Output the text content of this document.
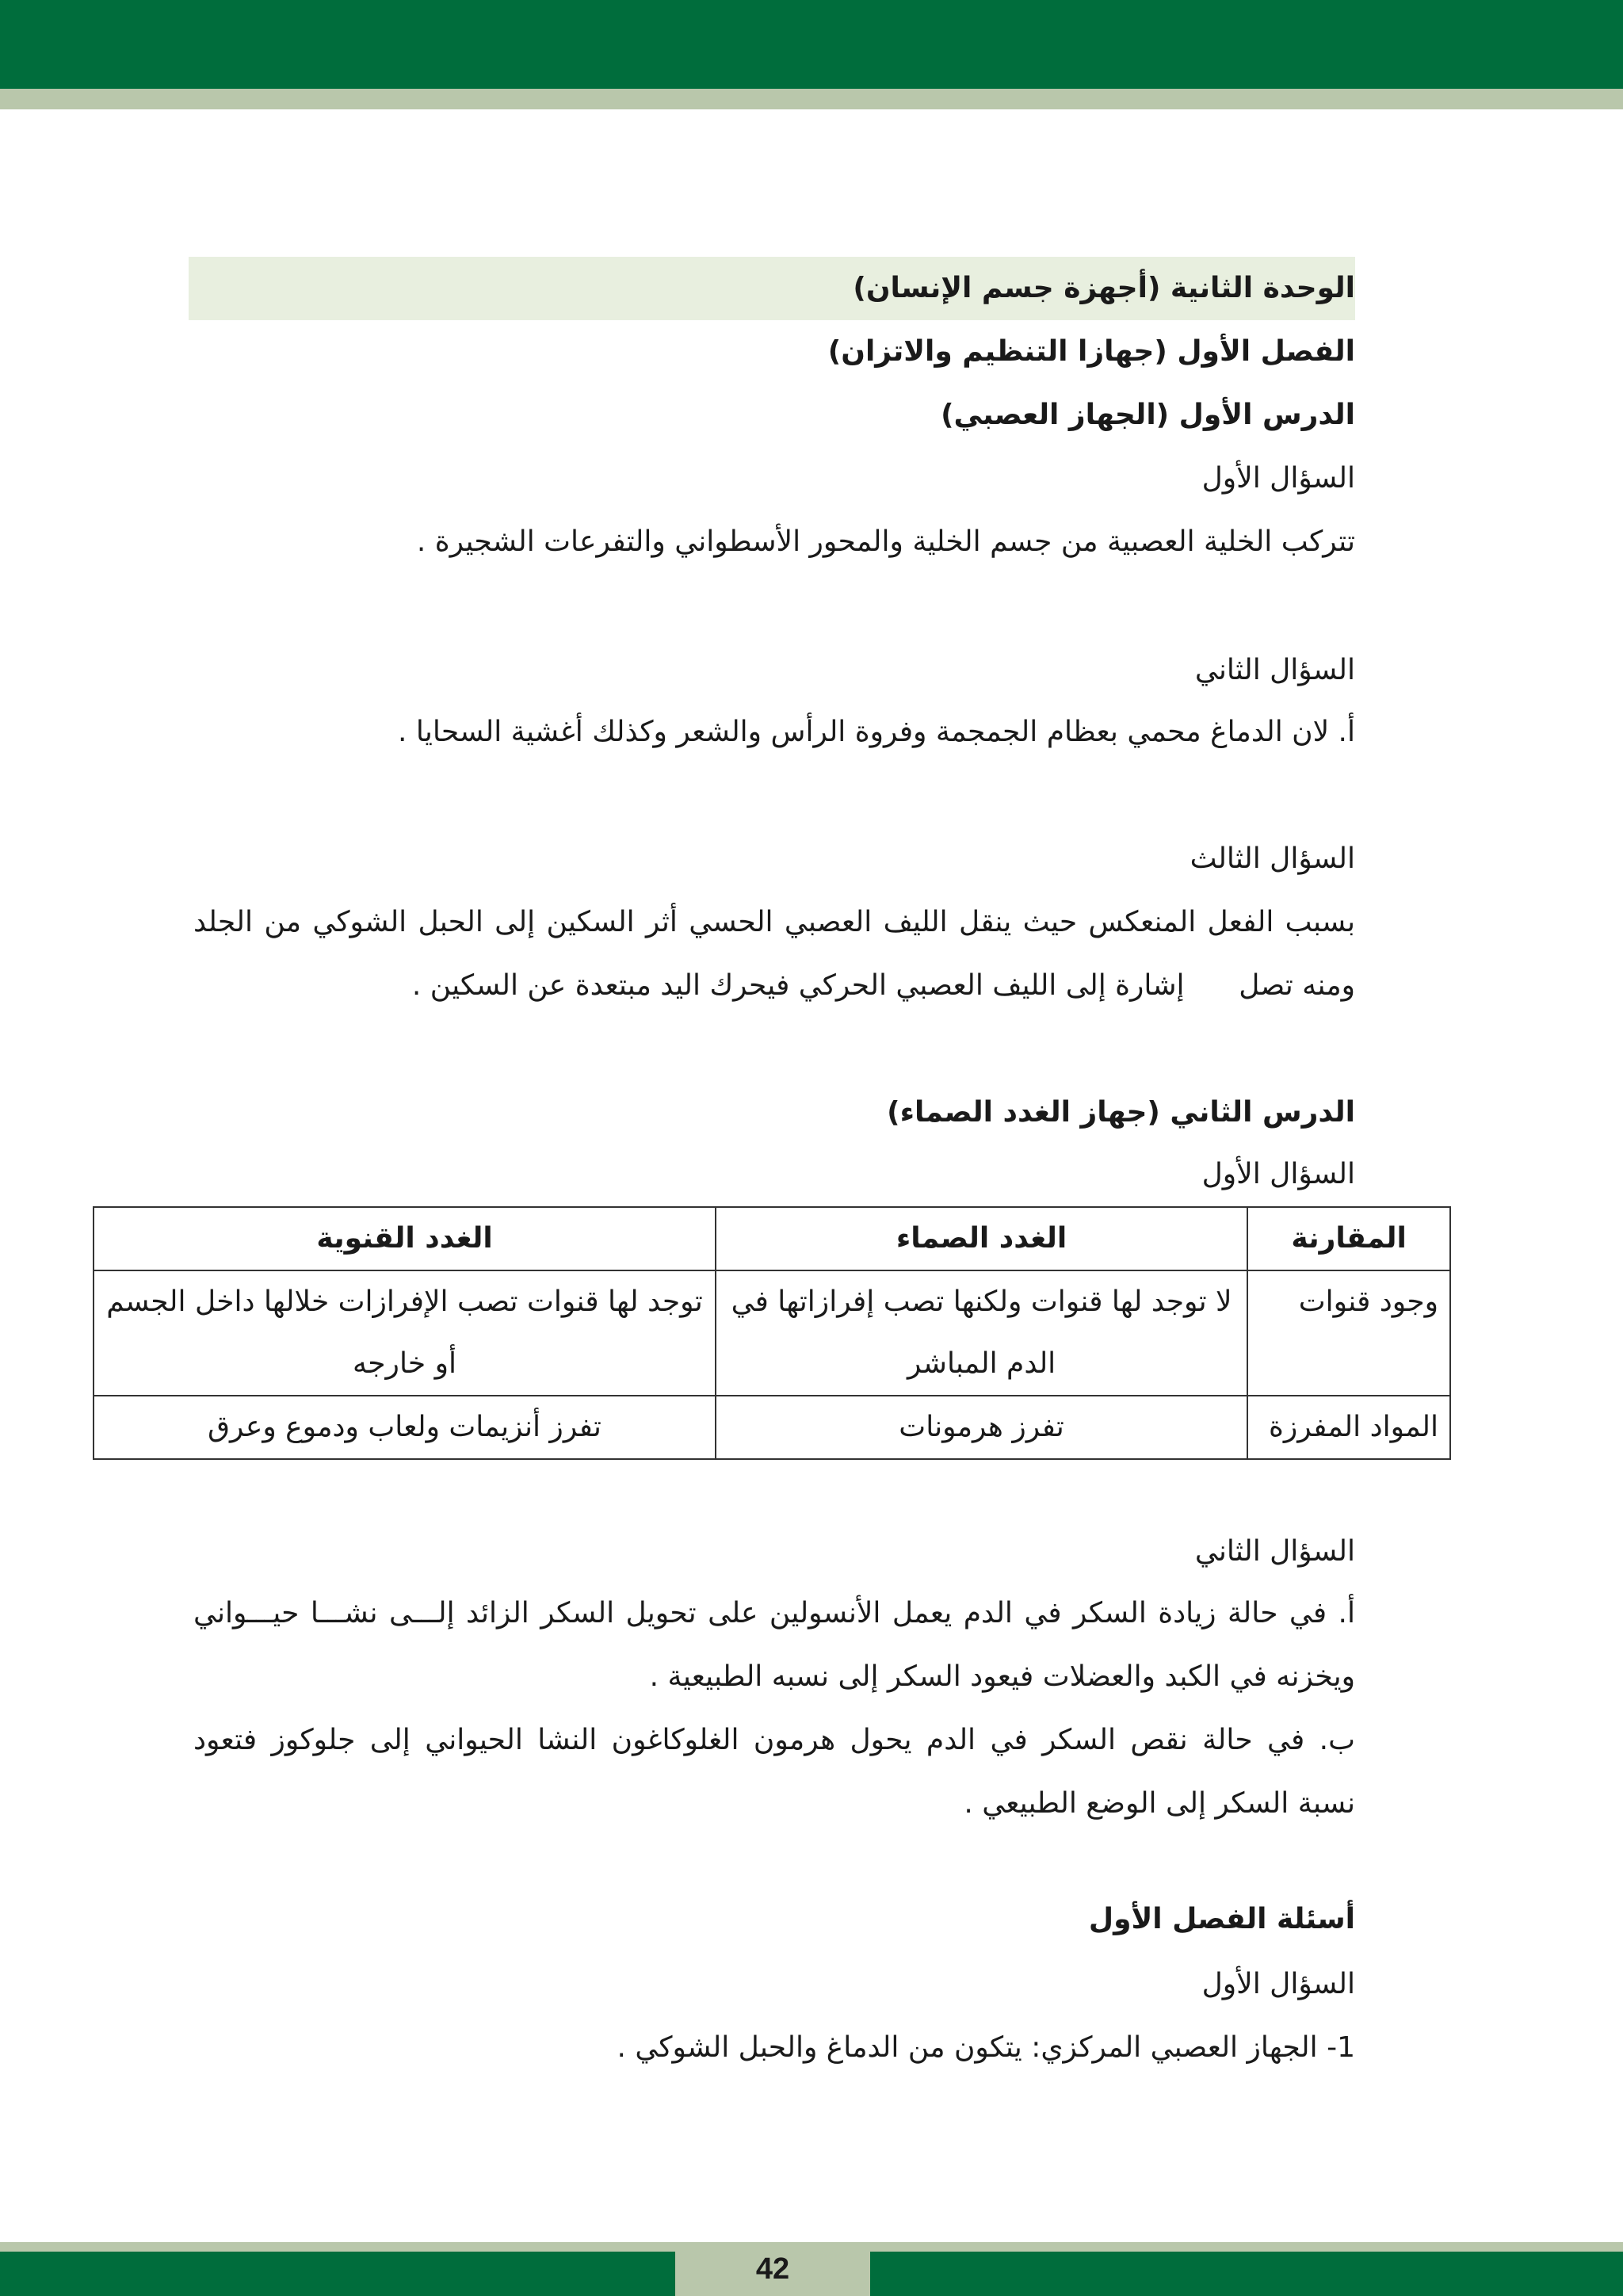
الوحدة الثانية (أجهزة جسم الإنسان)
الفصل الأول (جهازا التنظيم والاتزان)
الدرس الأول (الجهاز العصبي)
السؤال الأول
تتركب الخلية العصبية من جسم الخلية والمحور الأسطواني والتفرعات الشجيرة .
السؤال الثاني
أ. لان الدماغ محمي بعظام الجمجمة وفروة الرأس والشعر وكذلك أغشية السحايا .
السؤال الثالث
بسبب الفعل المنعكس حيث ينقل الليف العصبي الحسي أثر السكين إلى الحبل الشوكي من الجلد
ومنه تصل      إشارة إلى الليف العصبي الحركي فيحرك اليد مبتعدة عن السكين .
الدرس الثاني (جهاز الغدد الصماء)
السؤال الأول
المقارنة	الغدد الصماء	الغدد القنوية
وجود قنوات	لا توجد لها قنوات ولكنها تصب إفرازاتها في الدم المباشر	توجد لها قنوات تصب الإفرازات خلالها داخل الجسم أو خارجه
المواد المفرزة	تفرز هرمونات	تفرز أنزيمات ولعاب ودموع وعرق
السؤال الثاني
أ. في حالة زيادة السكر في الدم يعمل الأنسولين على تحويل السكر الزائد إلـــى نشـــا حيـــواني
ويخزنه في الكبد والعضلات فيعود السكر إلى نسبه الطبيعية .
ب. في حالة نقص السكر في الدم يحول هرمون الغلوكاغون النشا الحيواني إلى جلوكوز فتعود
نسبة السكر إلى الوضع الطبيعي .
أسئلة الفصل الأول
السؤال الأول
1- الجهاز العصبي المركزي: يتكون من الدماغ والحبل الشوكي .
42
